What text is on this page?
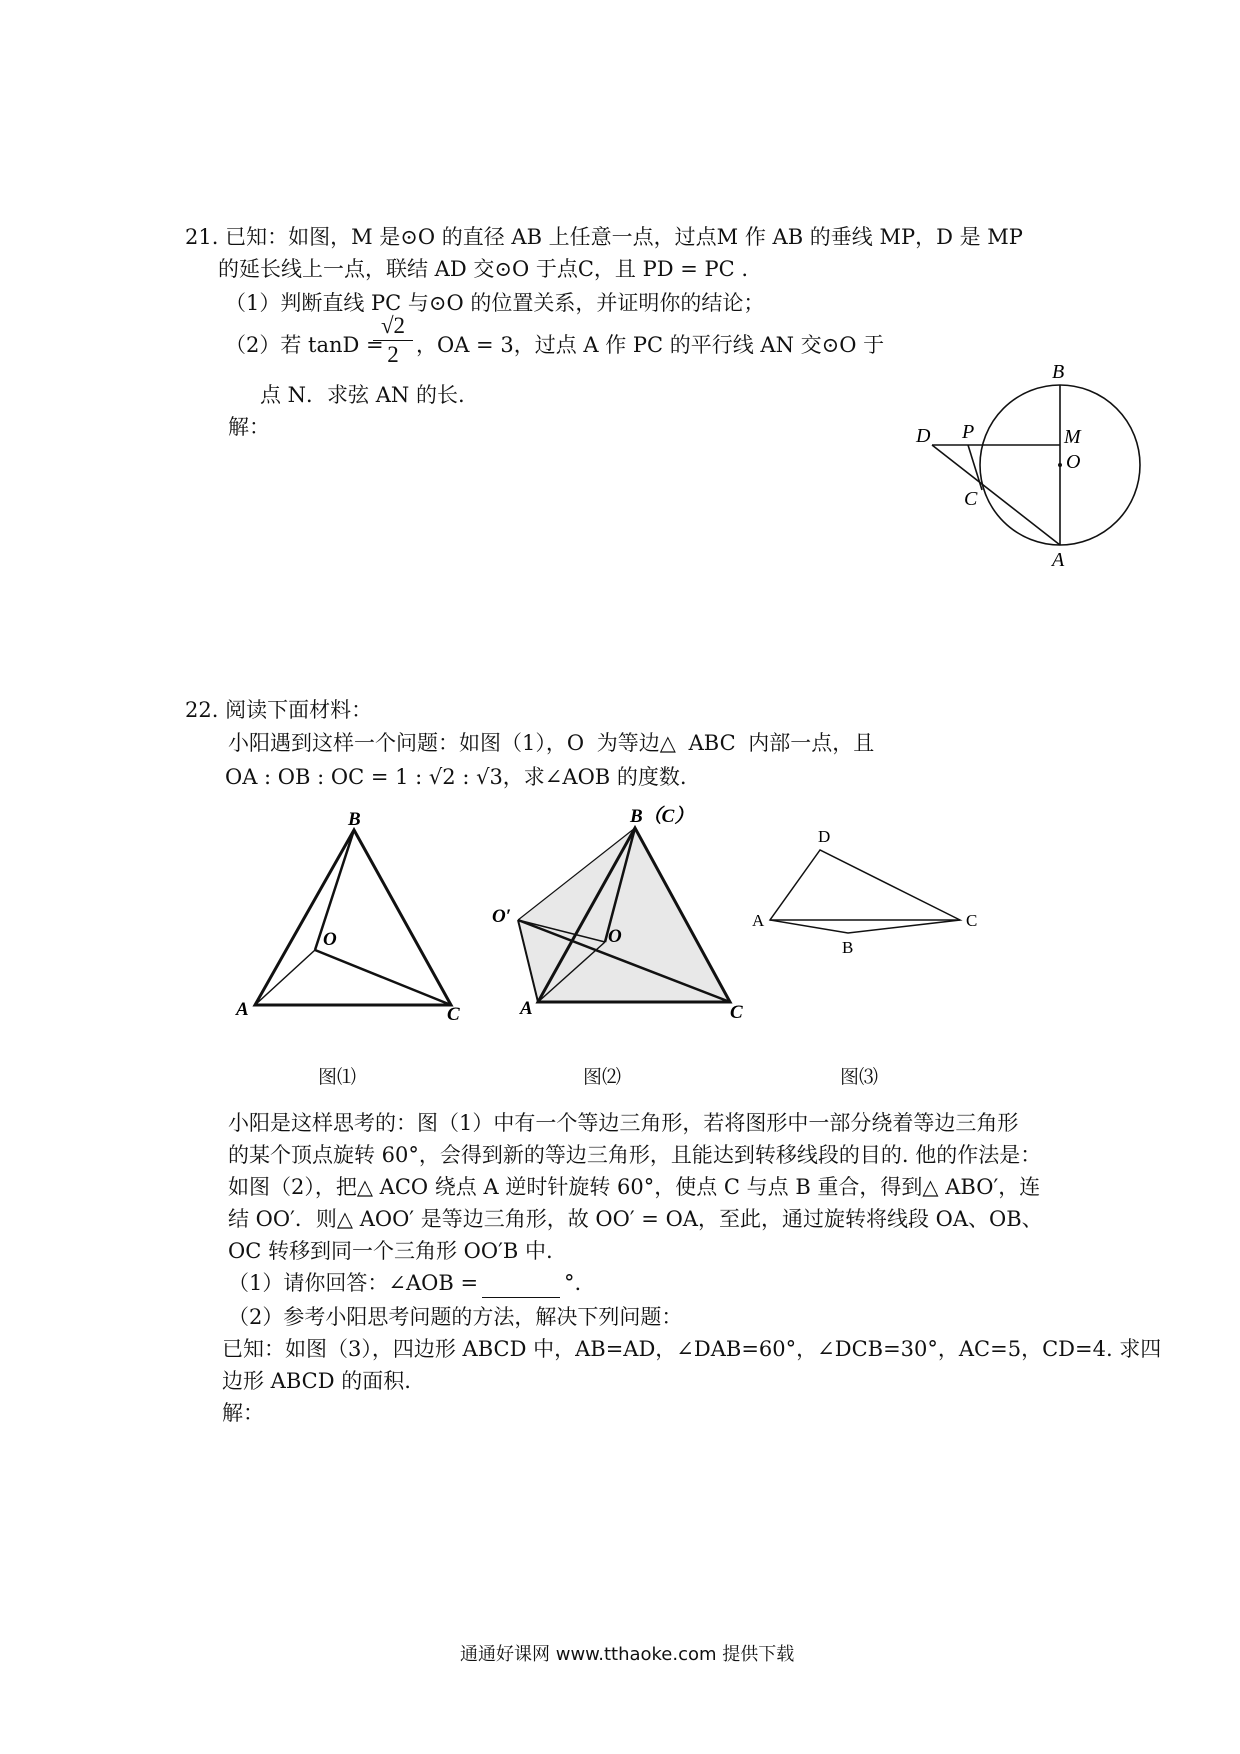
21. 已知：如图，M 是⊙O 的直径 AB 上任意一点，过点M 作 AB 的垂线 MP，D 是 MP
的延长线上一点，联结 AD 交⊙O 于点C，且 PD = PC .
（1）判断直线 PC 与⊙O 的位置关系，并证明你的结论；
（2）若 tanD =
$\frac{√2}{2}$ ，OA = 3，过点 A 作 PC 的平行线 AN 交⊙O 于
点 N．求弦 AN 的长.
解：
B
M
O
D P
C
A
22. 阅读下面材料：
小阳遇到这样一个问题：如图（1），O 为等边△ ABC 内部一点，且
OA : OB : OC = 1 : √2 : √3，求∠AOB 的度数.
B
O
A	C
B（C）
O′
O
A	C
D
A	C
B
图⑴	图⑵	图⑶
小阳是这样思考的：图（1）中有一个等边三角形，若将图形中一部分绕着等边三角形
的某个顶点旋转 60°，会得到新的等边三角形，且能达到转移线段的目的. 他的作法是：
如图（2），把△ ACO 绕点 A 逆时针旋转 60°，使点 C 与点 B 重合，得到△ ABO′，连
结 OO′．则△ AOO′ 是等边三角形，故 OO′ = OA，至此，通过旋转将线段 OA、OB、
OC 转移到同一个三角形 OO′B 中.
（1）请你回答：∠AOB =	°.
（2）参考小阳思考问题的方法，解决下列问题：
已知：如图（3），四边形 ABCD 中，AB=AD，∠DAB=60°，∠DCB=30°，AC=5，CD=4. 求四
边形 ABCD 的面积.
解：
通通好课网 www.tthaoke.com 提供下载
